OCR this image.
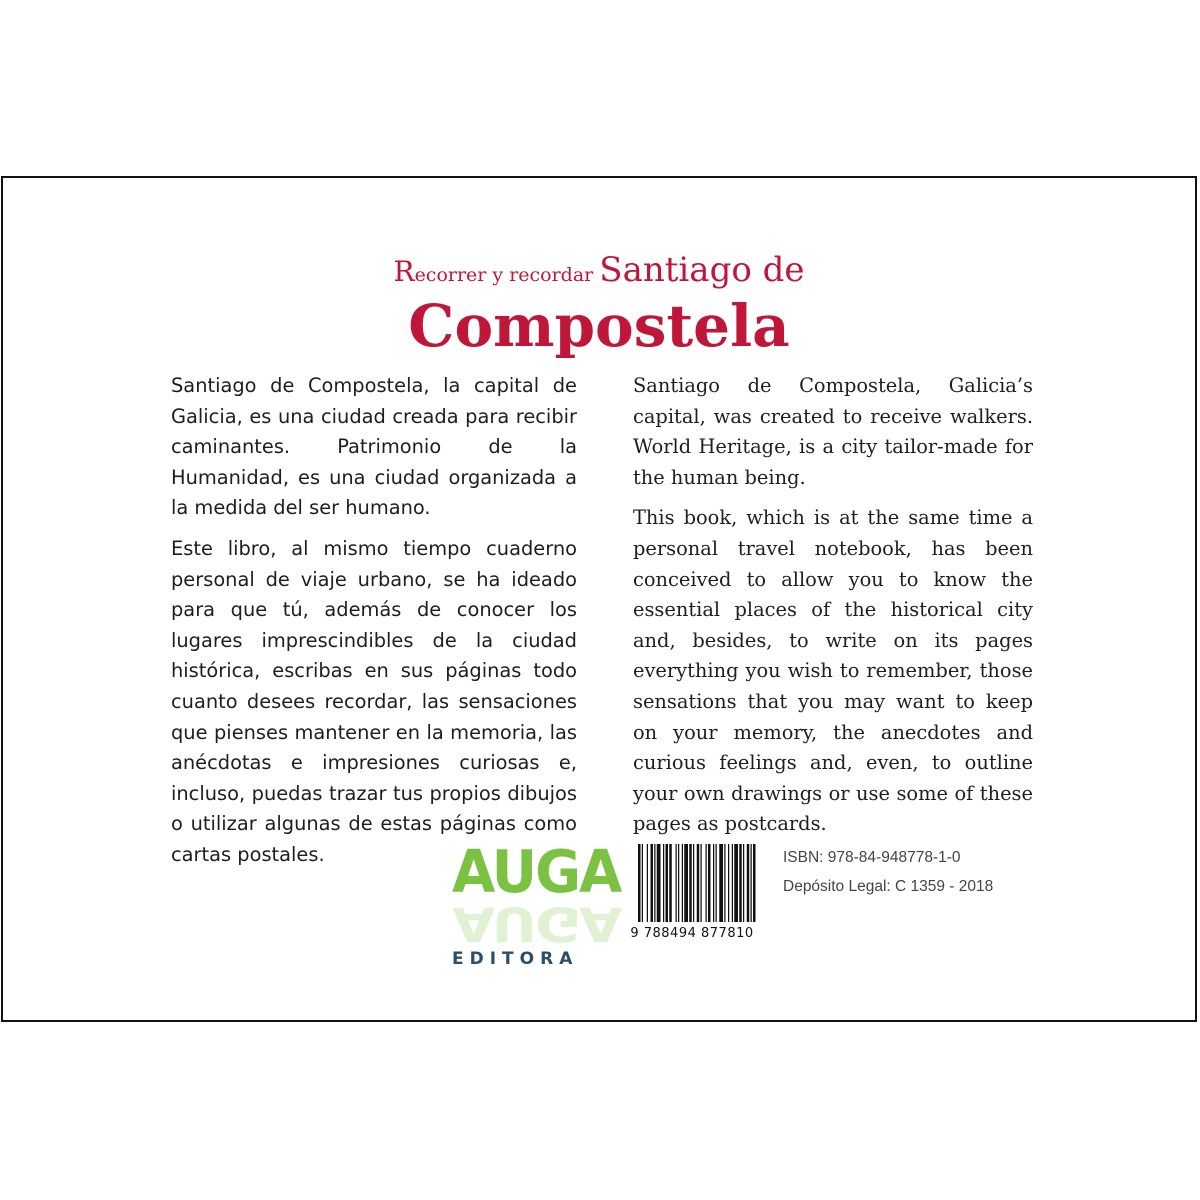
Recorrer y recordar Santiago de
Compostela

Santiago de Compostela, la capital de Galicia, es una ciudad creada para recibir caminantes. Patrimonio de la Humanidad, es una ciudad organizada a la medida del ser humano.

Este libro, al mismo tiempo cuaderno personal de viaje urbano, se ha ideado para que tú, además de conocer los lugares imprescindibles de la ciudad histórica, escribas en sus páginas todo cuanto desees recordar, las sensaciones que pienses mantener en la memoria, las anécdotas e impresiones curiosas e, incluso, puedas trazar tus propios dibujos o utilizar algunas de estas páginas como cartas postales.

Santiago de Compostela, Galicia’s capital, was created to receive walkers. World Heritage, is a city tailor-made for the human being.

This book, which is at the same time a personal travel notebook, has been conceived to allow you to know the essential places of the historical city and, besides, to write on its pages everything you wish to remember, those sensations that you may want to keep on your memory, the anecdotes and curious feelings and, even, to outline your own drawings or use some of these pages as postcards.

AUGA
AUGA
EDITORA
9 788494 877810
ISBN: 978-84-948778-1-0
Depósito Legal: C 1359 - 2018
